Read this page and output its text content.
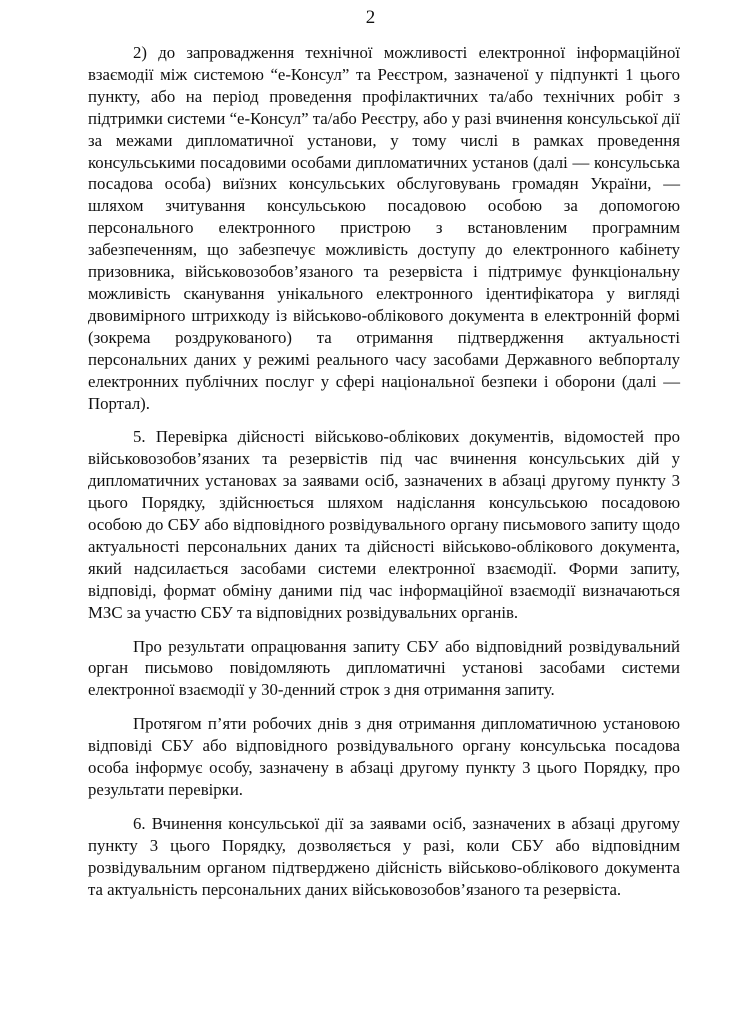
2

2) до запровадження технічної можливості електронної інформаційної взаємодії між системою “е-Консул” та Реєстром, зазначеної у підпункті 1 цього пункту, або на період проведення профілактичних та/або технічних робіт з підтримки системи “е-Консул” та/або Реєстру, або у разі вчинення консульської дії за межами дипломатичної установи, у тому числі в рамках проведення консульськими посадовими особами дипломатичних установ (далі — консульська посадова особа) виїзних консульських обслуговувань громадян України, — шляхом зчитування консульською посадовою особою за допомогою персонального електронного пристрою з встановленим програмним забезпеченням, що забезпечує можливість доступу до електронного кабінету призовника, військовозобов’язаного та резервіста і підтримує функціональну можливість сканування унікального електронного ідентифікатора у вигляді двовимірного штрихкоду із військово-облікового документа в електронній формі (зокрема роздрукованого) та отримання підтвердження актуальності персональних даних у режимі реального часу засобами Державного вебпорталу електронних публічних послуг у сфері національної безпеки і оборони (далі — Портал).

5. Перевірка дійсності військово-облікових документів, відомостей про військовозобов’язаних та резервістів під час вчинення консульських дій у дипломатичних установах за заявами осіб, зазначених в абзаці другому пункту 3 цього Порядку, здійснюється шляхом надіслання консульською посадовою особою до СБУ або відповідного розвідувального органу письмового запиту щодо актуальності персональних даних та дійсності військово-облікового документа, який надсилається засобами системи електронної взаємодії. Форми запиту, відповіді, формат обміну даними під час інформаційної взаємодії визначаються МЗС за участю СБУ та відповідних розвідувальних органів.

Про результати опрацювання запиту СБУ або відповідний розвідувальний орган письмово повідомляють дипломатичні установі засобами системи електронної взаємодії у 30-денний строк з дня отримання запиту.

Протягом п’яти робочих днів з дня отримання дипломатичною установою відповіді СБУ або відповідного розвідувального органу консульська посадова особа інформує особу, зазначену в абзаці другому пункту 3 цього Порядку, про результати перевірки.

6. Вчинення консульської дії за заявами осіб, зазначених в абзаці другому пункту 3 цього Порядку, дозволяється у разі, коли СБУ або відповідним розвідувальним органом підтверджено дійсність військово-облікового документа та актуальність персональних даних військовозобов’язаного та резервіста.
